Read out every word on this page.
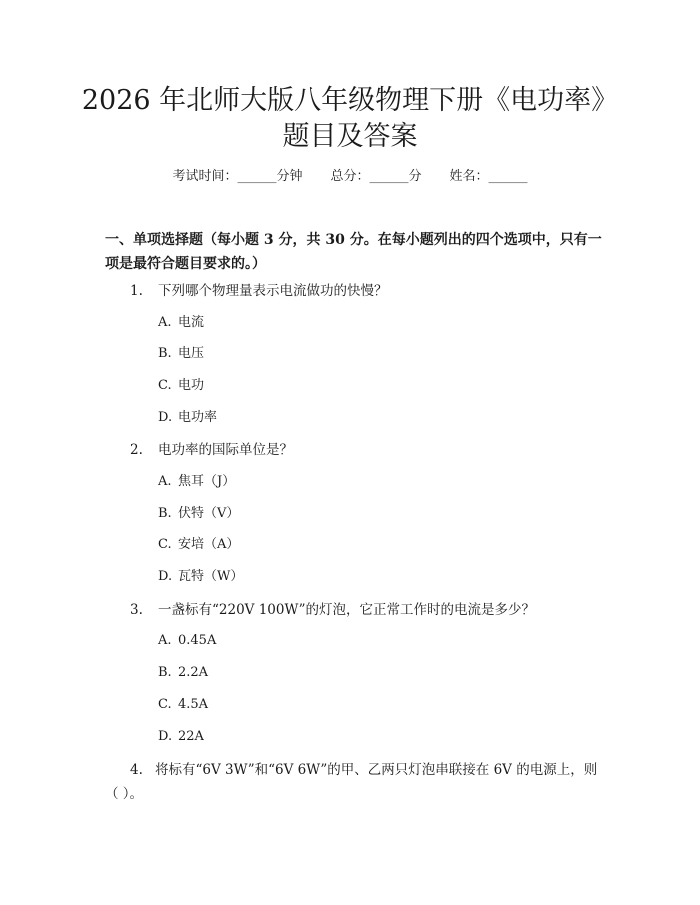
2026 年北师大版八年级物理下册《电功率》
题目及答案
考试时间：______分钟 总分：______分 姓名：______
一、单项选择题（每小题 3 分，共 30 分。在每小题列出的四个选项中，只有一项是最符合题目要求的。）
1. 下列哪个物理量表示电流做功的快慢？
A. 电流
B. 电压
C. 电功
D. 电功率
2. 电功率的国际单位是？
A. 焦耳（J）
B. 伏特（V）
C. 安培（A）
D. 瓦特（W）
3. 一盏标有“220V 100W”的灯泡，它正常工作时的电流是多少？
A. 0.45A
B. 2.2A
C. 4.5A
D. 22A
4. 将标有“6V 3W”和“6V 6W”的甲、乙两只灯泡串联接在 6V 的电源上，则（ ）。
